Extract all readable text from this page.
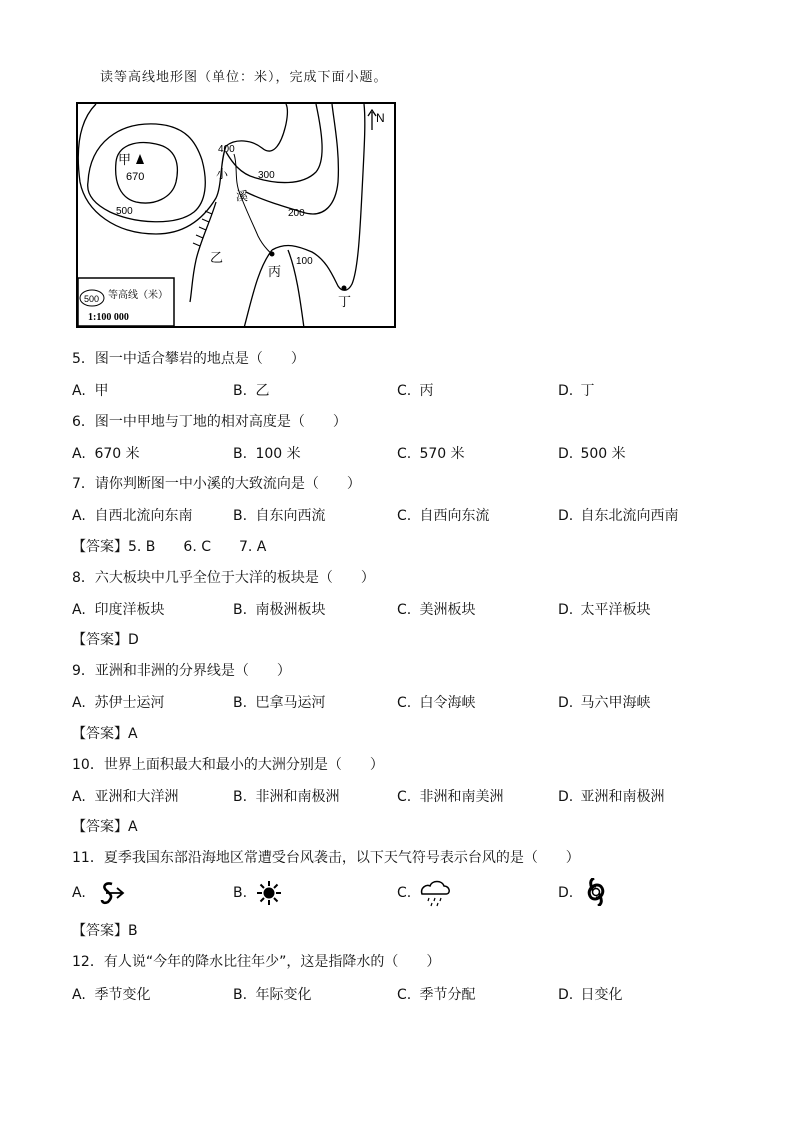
读等高线地形图（单位：米），完成下面小题。
N
甲
670
400
300
200
100
500
小
溪
乙
丙
丁
500 等高线（米）
1:100 000
5．图一中适合攀岩的地点是（　　）
A. 甲	B. 乙	C. 丙	D. 丁
6．图一中甲地与丁地的相对高度是（　　）
A. 670 米	B. 100 米	C. 570 米	D. 500 米
7．请你判断图一中小溪的大致流向是（　　）
A. 自西北流向东南	B. 自东向西流	C. 自西向东流	D. 自东北流向西南
【答案】5. B　　6. C　　7. A
8．六大板块中几乎全位于大洋的板块是（　　）
A. 印度洋板块	B. 南极洲板块	C. 美洲板块	D. 太平洋板块
【答案】D
9．亚洲和非洲的分界线是（　　）
A. 苏伊士运河	B. 巴拿马运河	C. 白令海峡	D. 马六甲海峡
【答案】A
10．世界上面积最大和最小的大洲分别是（　　）
A. 亚洲和大洋洲	B. 非洲和南极洲	C. 非洲和南美洲	D. 亚洲和南极洲
【答案】A
11．夏季我国东部沿海地区常遭受台风袭击，以下天气符号表示台风的是（　　）
A.	B.	C.	D.
【答案】B
12．有人说“今年的降水比往年少”，这是指降水的（　　）
A. 季节变化	B. 年际变化	C. 季节分配	D. 日变化
